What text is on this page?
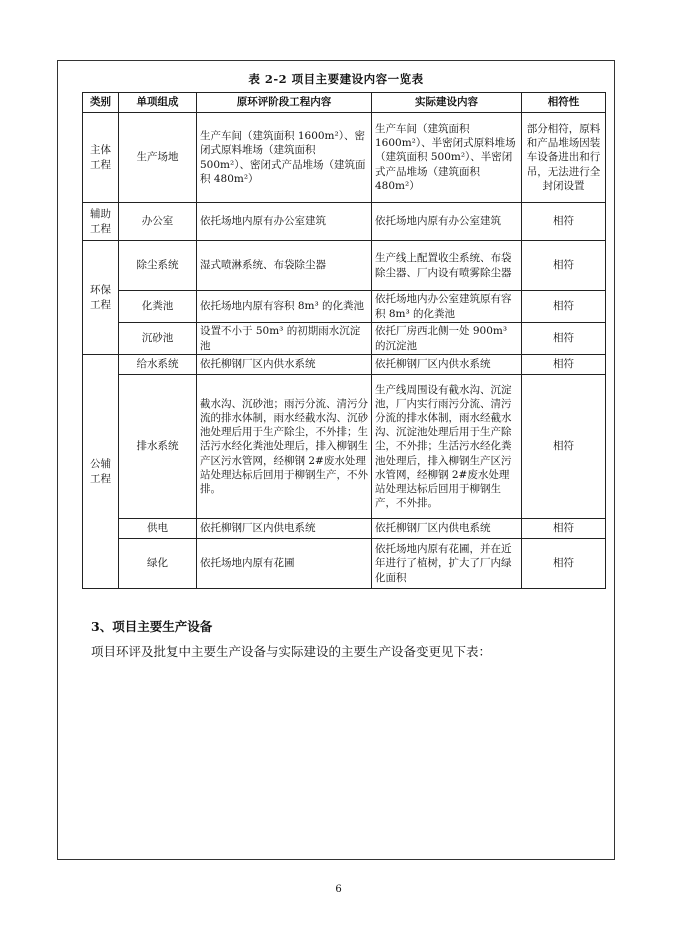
表 2-2 项目主要建设内容一览表
类别	单项组成	原环评阶段工程内容	实际建设内容	相符性
主体工程	生产场地	生产车间（建筑面积 1600m²）、密闭式原料堆场（建筑面积 500m²）、密闭式产品堆场（建筑面积 480m²）	生产车间（建筑面积 1600m²）、半密闭式原料堆场（建筑面积 500m²）、半密闭式产品堆场（建筑面积 480m²）	部分相符，原料和产品堆场因装车设备进出和行吊，无法进行全封闭设置
辅助工程	办公室	依托场地内原有办公室建筑	依托场地内原有办公室建筑	相符
环保工程	除尘系统	湿式喷淋系统、布袋除尘器	生产线上配置收尘系统、布袋除尘器、厂内设有喷雾除尘器	相符
	化粪池	依托场地内原有容积 8m³ 的化粪池	依托场地内办公室建筑原有容积 8m³ 的化粪池	相符
	沉砂池	设置不小于 50m³ 的初期雨水沉淀池	依托厂房西北侧一处 900m³ 的沉淀池	相符
公辅工程	给水系统	依托柳钢厂区内供水系统	依托柳钢厂区内供水系统	相符
	排水系统	截水沟、沉砂池；雨污分流、清污分流的排水体制，雨水经截水沟、沉砂池处理后用于生产除尘，不外排；生活污水经化粪池处理后，排入柳钢生产区污水管网，经柳钢 2#废水处理站处理达标后回用于柳钢生产，不外排。	生产线周围设有截水沟、沉淀池，厂内实行雨污分流、清污分流的排水体制，雨水经截水沟、沉淀池处理后用于生产除尘，不外排；生活污水经化粪池处理后，排入柳钢生产区污水管网，经柳钢 2#废水处理站处理达标后回用于柳钢生产，不外排。	相符
	供电	依托柳钢厂区内供电系统	依托柳钢厂区内供电系统	相符
	绿化	依托场地内原有花圃	依托场地内原有花圃，并在近年进行了植树，扩大了厂内绿化面积	相符
3、项目主要生产设备
项目环评及批复中主要生产设备与实际建设的主要生产设备变更见下表：
6
